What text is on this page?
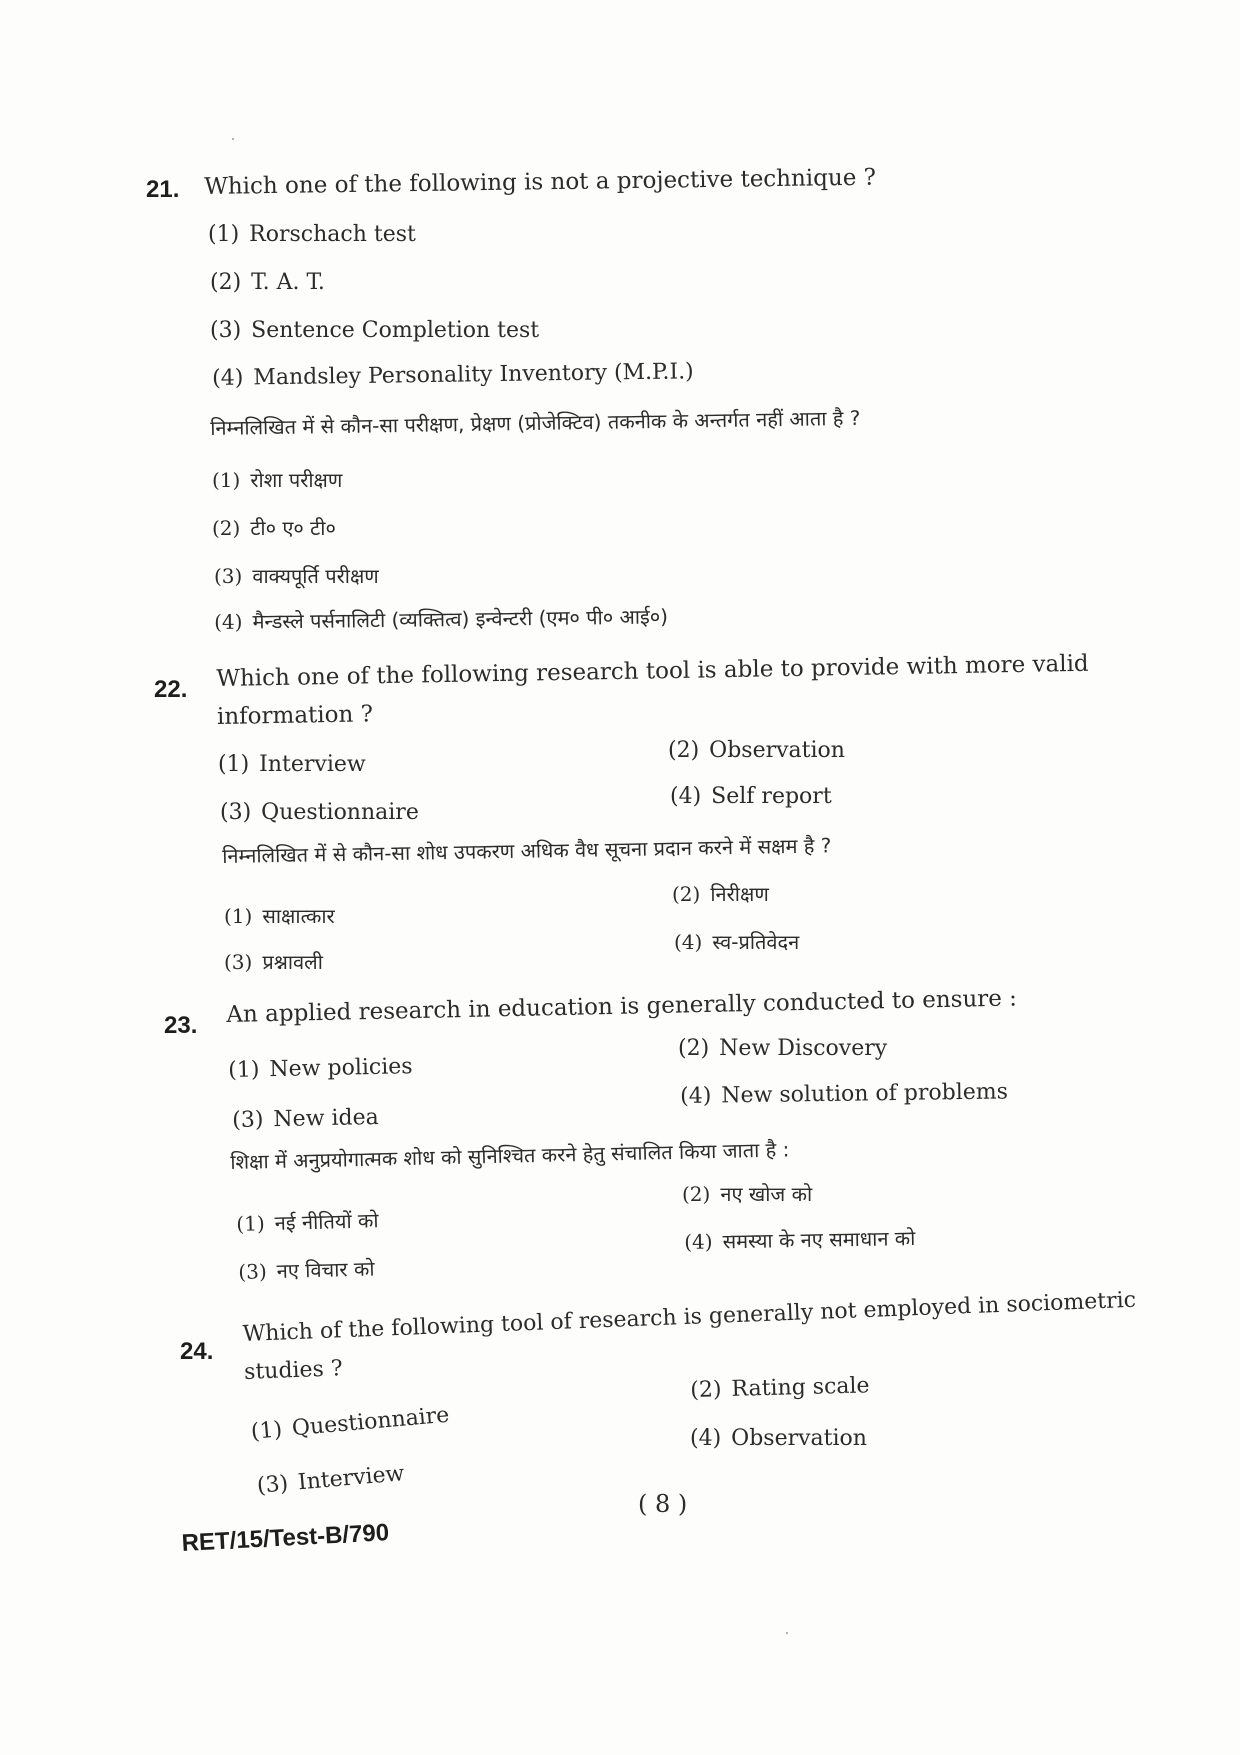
21. Which one of the following is not a projective technique ?
(1) Rorschach test
(2) T. A. T.
(3) Sentence Completion test
(4) Mandsley Personality Inventory (M.P.I.)
निम्नलिखित में से कौन-सा परीक्षण, प्रेक्षण (प्रोजेक्टिव) तकनीक के अन्तर्गत नहीं आता है ?
(1) रोशा परीक्षण
(2) टी० ए० टी०
(3) वाक्यपूर्ति परीक्षण
(4) मैन्डस्ले पर्सनालिटी (व्यक्तित्व) इन्वेन्टरी (एम० पी० आई०)
22. Which one of the following research tool is able to provide with more valid
information ?
(1) Interview
(2) Observation
(3) Questionnaire
(4) Self report
निम्नलिखित में से कौन-सा शोध उपकरण अधिक वैध सूचना प्रदान करने में सक्षम है ?
(1) साक्षात्कार
(2) निरीक्षण
(3) प्रश्नावली
(4) स्व-प्रतिवेदन
23. An applied research in education is generally conducted to ensure :
(1) New policies
(2) New Discovery
(3) New idea
(4) New solution of problems
शिक्षा में अनुप्रयोगात्मक शोध को सुनिश्चित करने हेतु संचालित किया जाता है :
(1) नई नीतियों को
(2) नए खोज को
(3) नए विचार को
(4) समस्या के नए समाधान को
24.
Which of the following tool of research is generally not employed in sociometric
studies ?
(1) Questionnaire
(2) Rating scale
(3) Interview
(4) Observation
( 8 )
RET/15/Test-B/790
